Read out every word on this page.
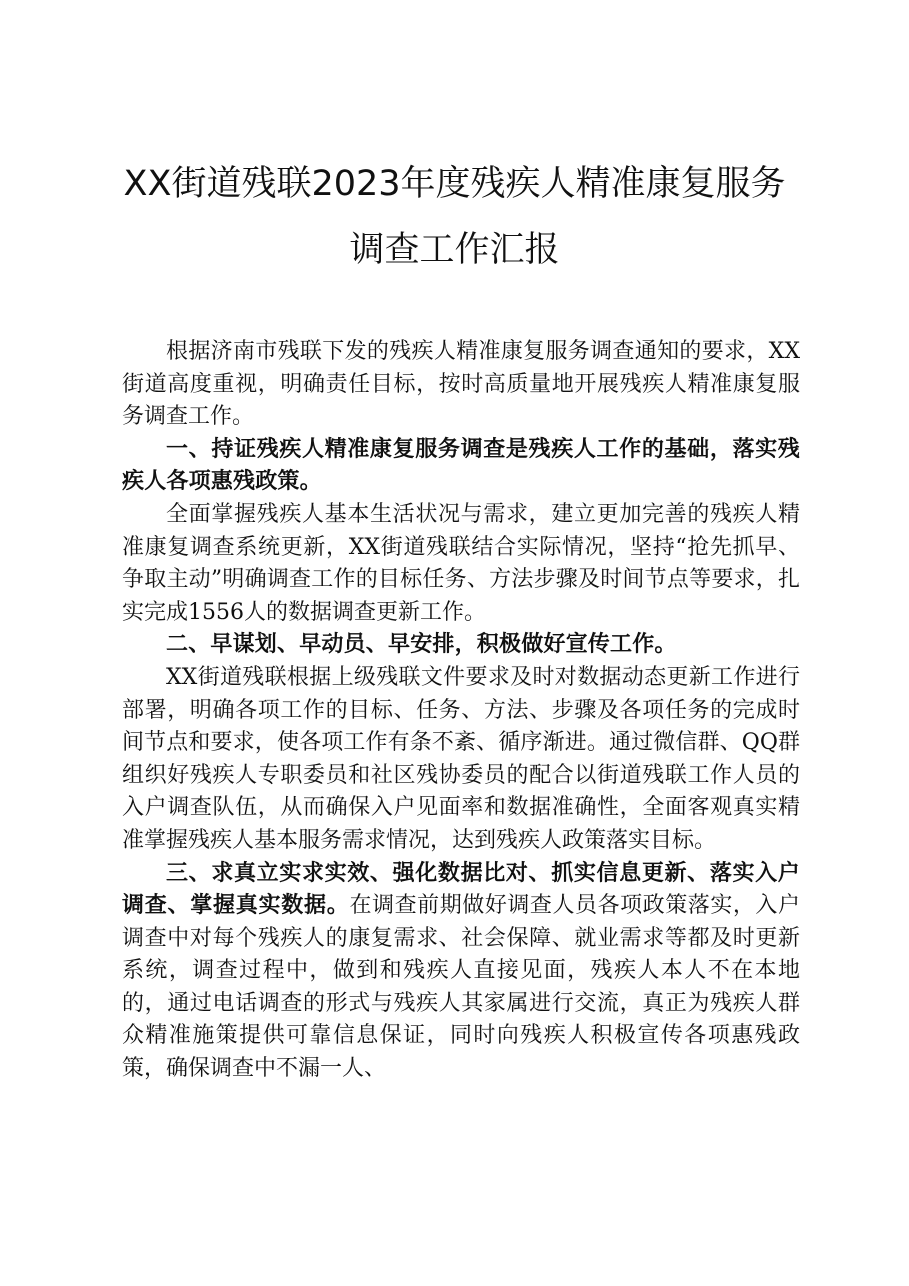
XX街道残联2023年度残疾人精准康复服务
调查工作汇报

根据济南市残联下发的残疾人精准康复服务调查通知的要求，XX街道高度重视，明确责任目标，按时高质量地开展残疾人精准康复服务调查工作。

一、持证残疾人精准康复服务调查是残疾人工作的基础，落实残疾人各项惠残政策。

全面掌握残疾人基本生活状况与需求，建立更加完善的残疾人精准康复调查系统更新，XX街道残联结合实际情况，坚持“抢先抓早、争取主动”明确调查工作的目标任务、方法步骤及时间节点等要求，扎实完成1556人的数据调查更新工作。

二、早谋划、早动员、早安排，积极做好宣传工作。

XX街道残联根据上级残联文件要求及时对数据动态更新工作进行部署，明确各项工作的目标、任务、方法、步骤及各项任务的完成时间节点和要求，使各项工作有条不紊、循序渐进。通过微信群、QQ群组织好残疾人专职委员和社区残协委员的配合以街道残联工作人员的入户调查队伍，从而确保入户见面率和数据准确性，全面客观真实精准掌握残疾人基本服务需求情况，达到残疾人政策落实目标。

三、求真立实求实效、强化数据比对、抓实信息更新、落实入户调查、掌握真实数据。在调查前期做好调查人员各项政策落实，入户调查中对每个残疾人的康复需求、社会保障、就业需求等都及时更新系统，调查过程中，做到和残疾人直接见面，残疾人本人不在本地的，通过电话调查的形式与残疾人其家属进行交流，真正为残疾人群众精准施策提供可靠信息保证，同时向残疾人积极宣传各项惠残政策，确保调查中不漏一人、
